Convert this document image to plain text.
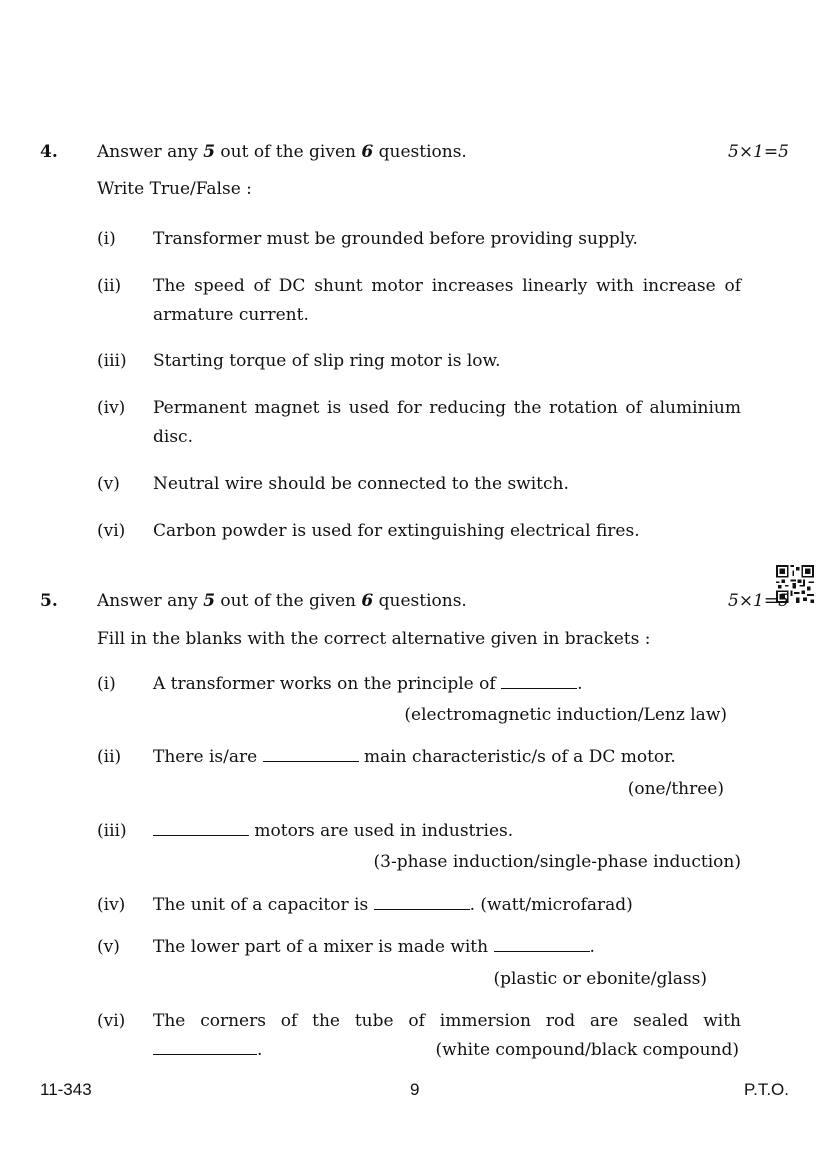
4. Answer any 5 out of the given 6 questions.	5×1=5
Write True/False :
(i) Transformer must be grounded before providing supply.
(ii) The speed of DC shunt motor increases linearly with increase of armature current.
(iii) Starting torque of slip ring motor is low.
(iv) Permanent magnet is used for reducing the rotation of aluminium disc.
(v) Neutral wire should be connected to the switch.
(vi) Carbon powder is used for extinguishing electrical fires.
5. Answer any 5 out of the given 6 questions.	5×1=5
Fill in the blanks with the correct alternative given in brackets :
(i) A transformer works on the principle of	.
(electromagnetic induction/Lenz law)
(ii) There is/are	main characteristic/s of a DC motor.
(one/three)
(iii)	motors are used in industries.
(3-phase induction/single-phase induction)
(iv) The unit of a capacitor is	. (watt/microfarad)
(v) The lower part of a mixer is made with	.
(plastic or ebonite/glass)
(vi) The corners of the tube of immersion rod are sealed with
.	(white compound/black compound)
11-343	9	P.T.O.
